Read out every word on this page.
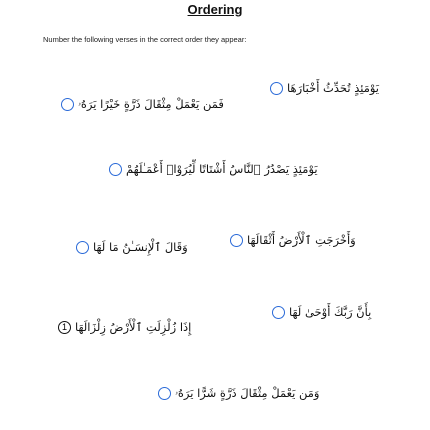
Ordering
Number the following verses in the correct order they appear:
يَوْمَئِذٍ تُحَدِّثُ أَخْبَارَهَا
فَمَن يَعْمَلْ مِثْقَالَ ذَرَّةٍ خَيْرًا يَرَهُۥ
يَوْمَئِذٍ يَصْدُرُ ٱلنَّاسُ أَشْتَاتًا لِّيُرَوْا۟ أَعْمَـٰلَهُمْ
وَأَخْرَجَتِ ٱلْأَرْضُ أَثْقَالَهَا
وَقَالَ ٱلْإِنسَـٰنُ مَا لَهَا
بِأَنَّ رَبَّكَ أَوْحَىٰ لَهَا
1 إِذَا زُلْزِلَتِ ٱلْأَرْضُ زِلْزَالَهَا
وَمَن يَعْمَلْ مِثْقَالَ ذَرَّةٍ شَرًّا يَرَهُۥ
